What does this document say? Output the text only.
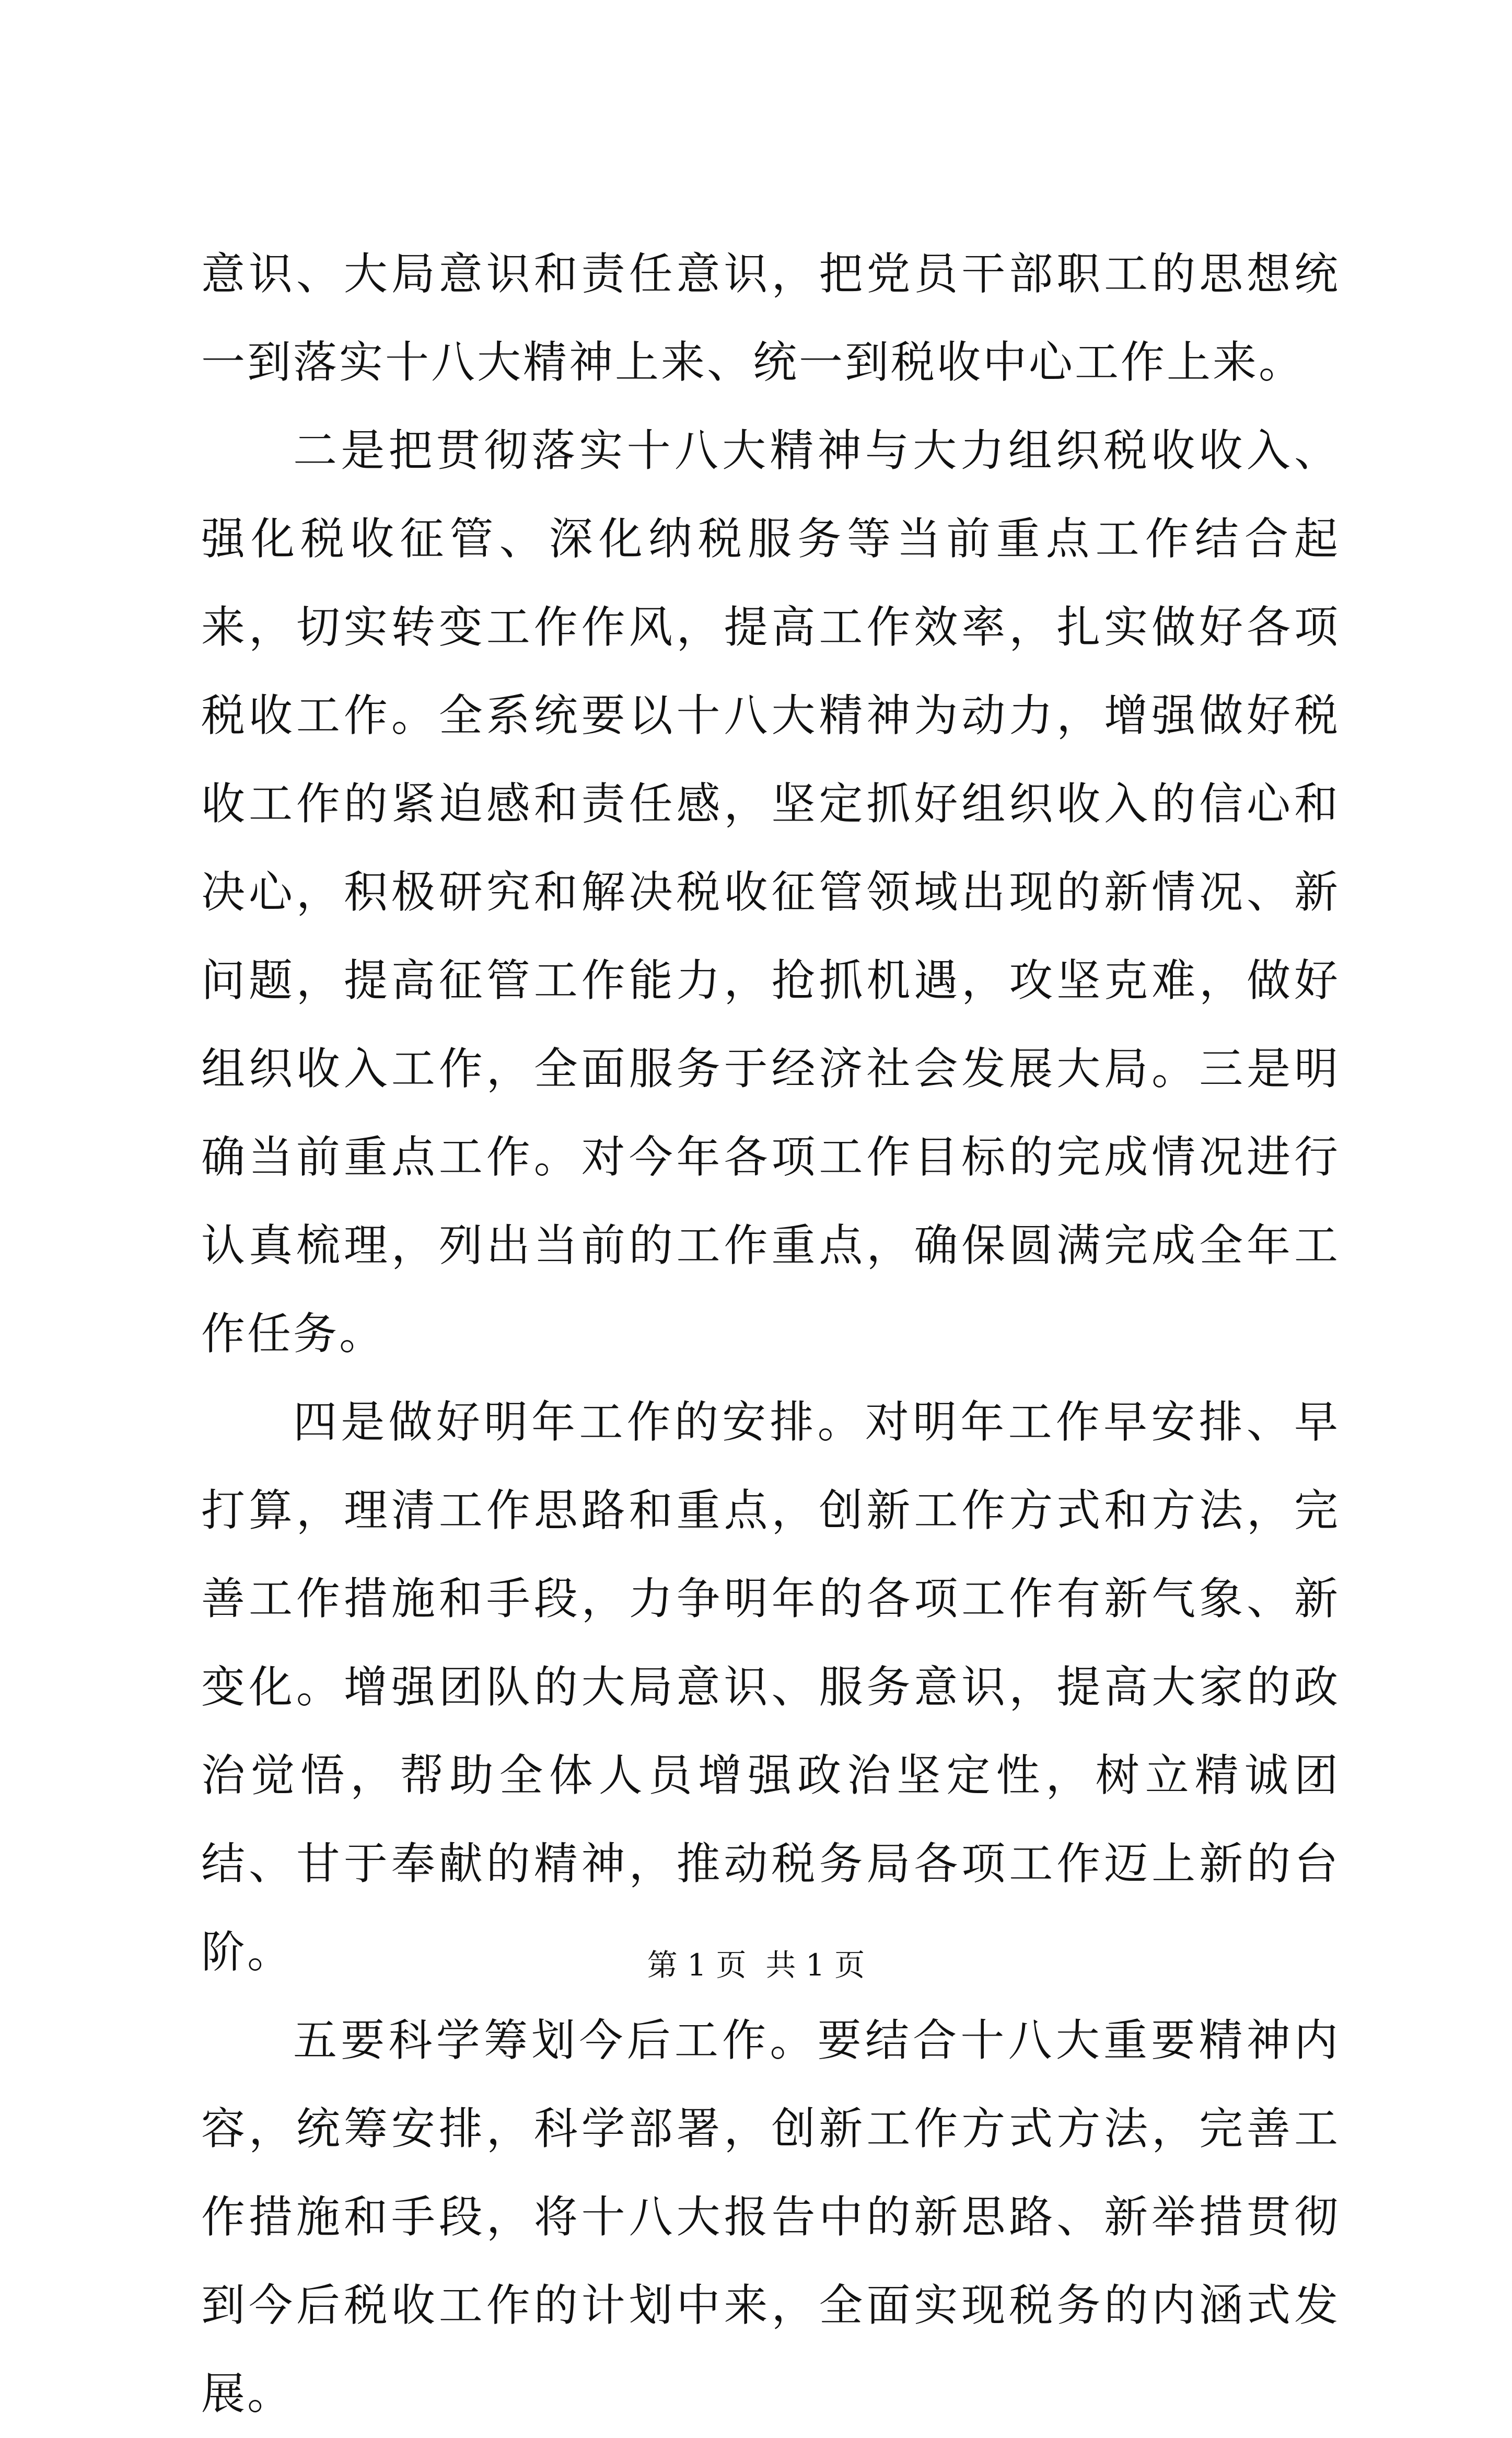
意识、大局意识和责任意识，把党员干部职工的思想统一到落实十八大精神上来、统一到税收中心工作上来。

二是把贯彻落实十八大精神与大力组织税收收入、强化税收征管、深化纳税服务等当前重点工作结合起来，切实转变工作作风，提高工作效率，扎实做好各项税收工作。全系统要以十八大精神为动力，增强做好税收工作的紧迫感和责任感，坚定抓好组织收入的信心和决心，积极研究和解决税收征管领域出现的新情况、新问题，提高征管工作能力，抢抓机遇，攻坚克难，做好组织收入工作，全面服务于经济社会发展大局。三是明确当前重点工作。对今年各项工作目标的完成情况进行认真梳理，列出当前的工作重点，确保圆满完成全年工作任务。

四是做好明年工作的安排。对明年工作早安排、早打算，理清工作思路和重点，创新工作方式和方法，完善工作措施和手段，力争明年的各项工作有新气象、新变化。增强团队的大局意识、服务意识，提高大家的政治觉悟，帮助全体人员增强政治坚定性，树立精诚团结、甘于奉献的精神，推动税务局各项工作迈上新的台阶。

五要科学筹划今后工作。要结合十八大重要精神内容，统筹安排，科学部署，创新工作方式方法，完善工作措施和手段，将十八大报告中的新思路、新举措贯彻到今后税收工作的计划中来，全面实现税务的内涵式发展。

第 1 页  共 1 页
